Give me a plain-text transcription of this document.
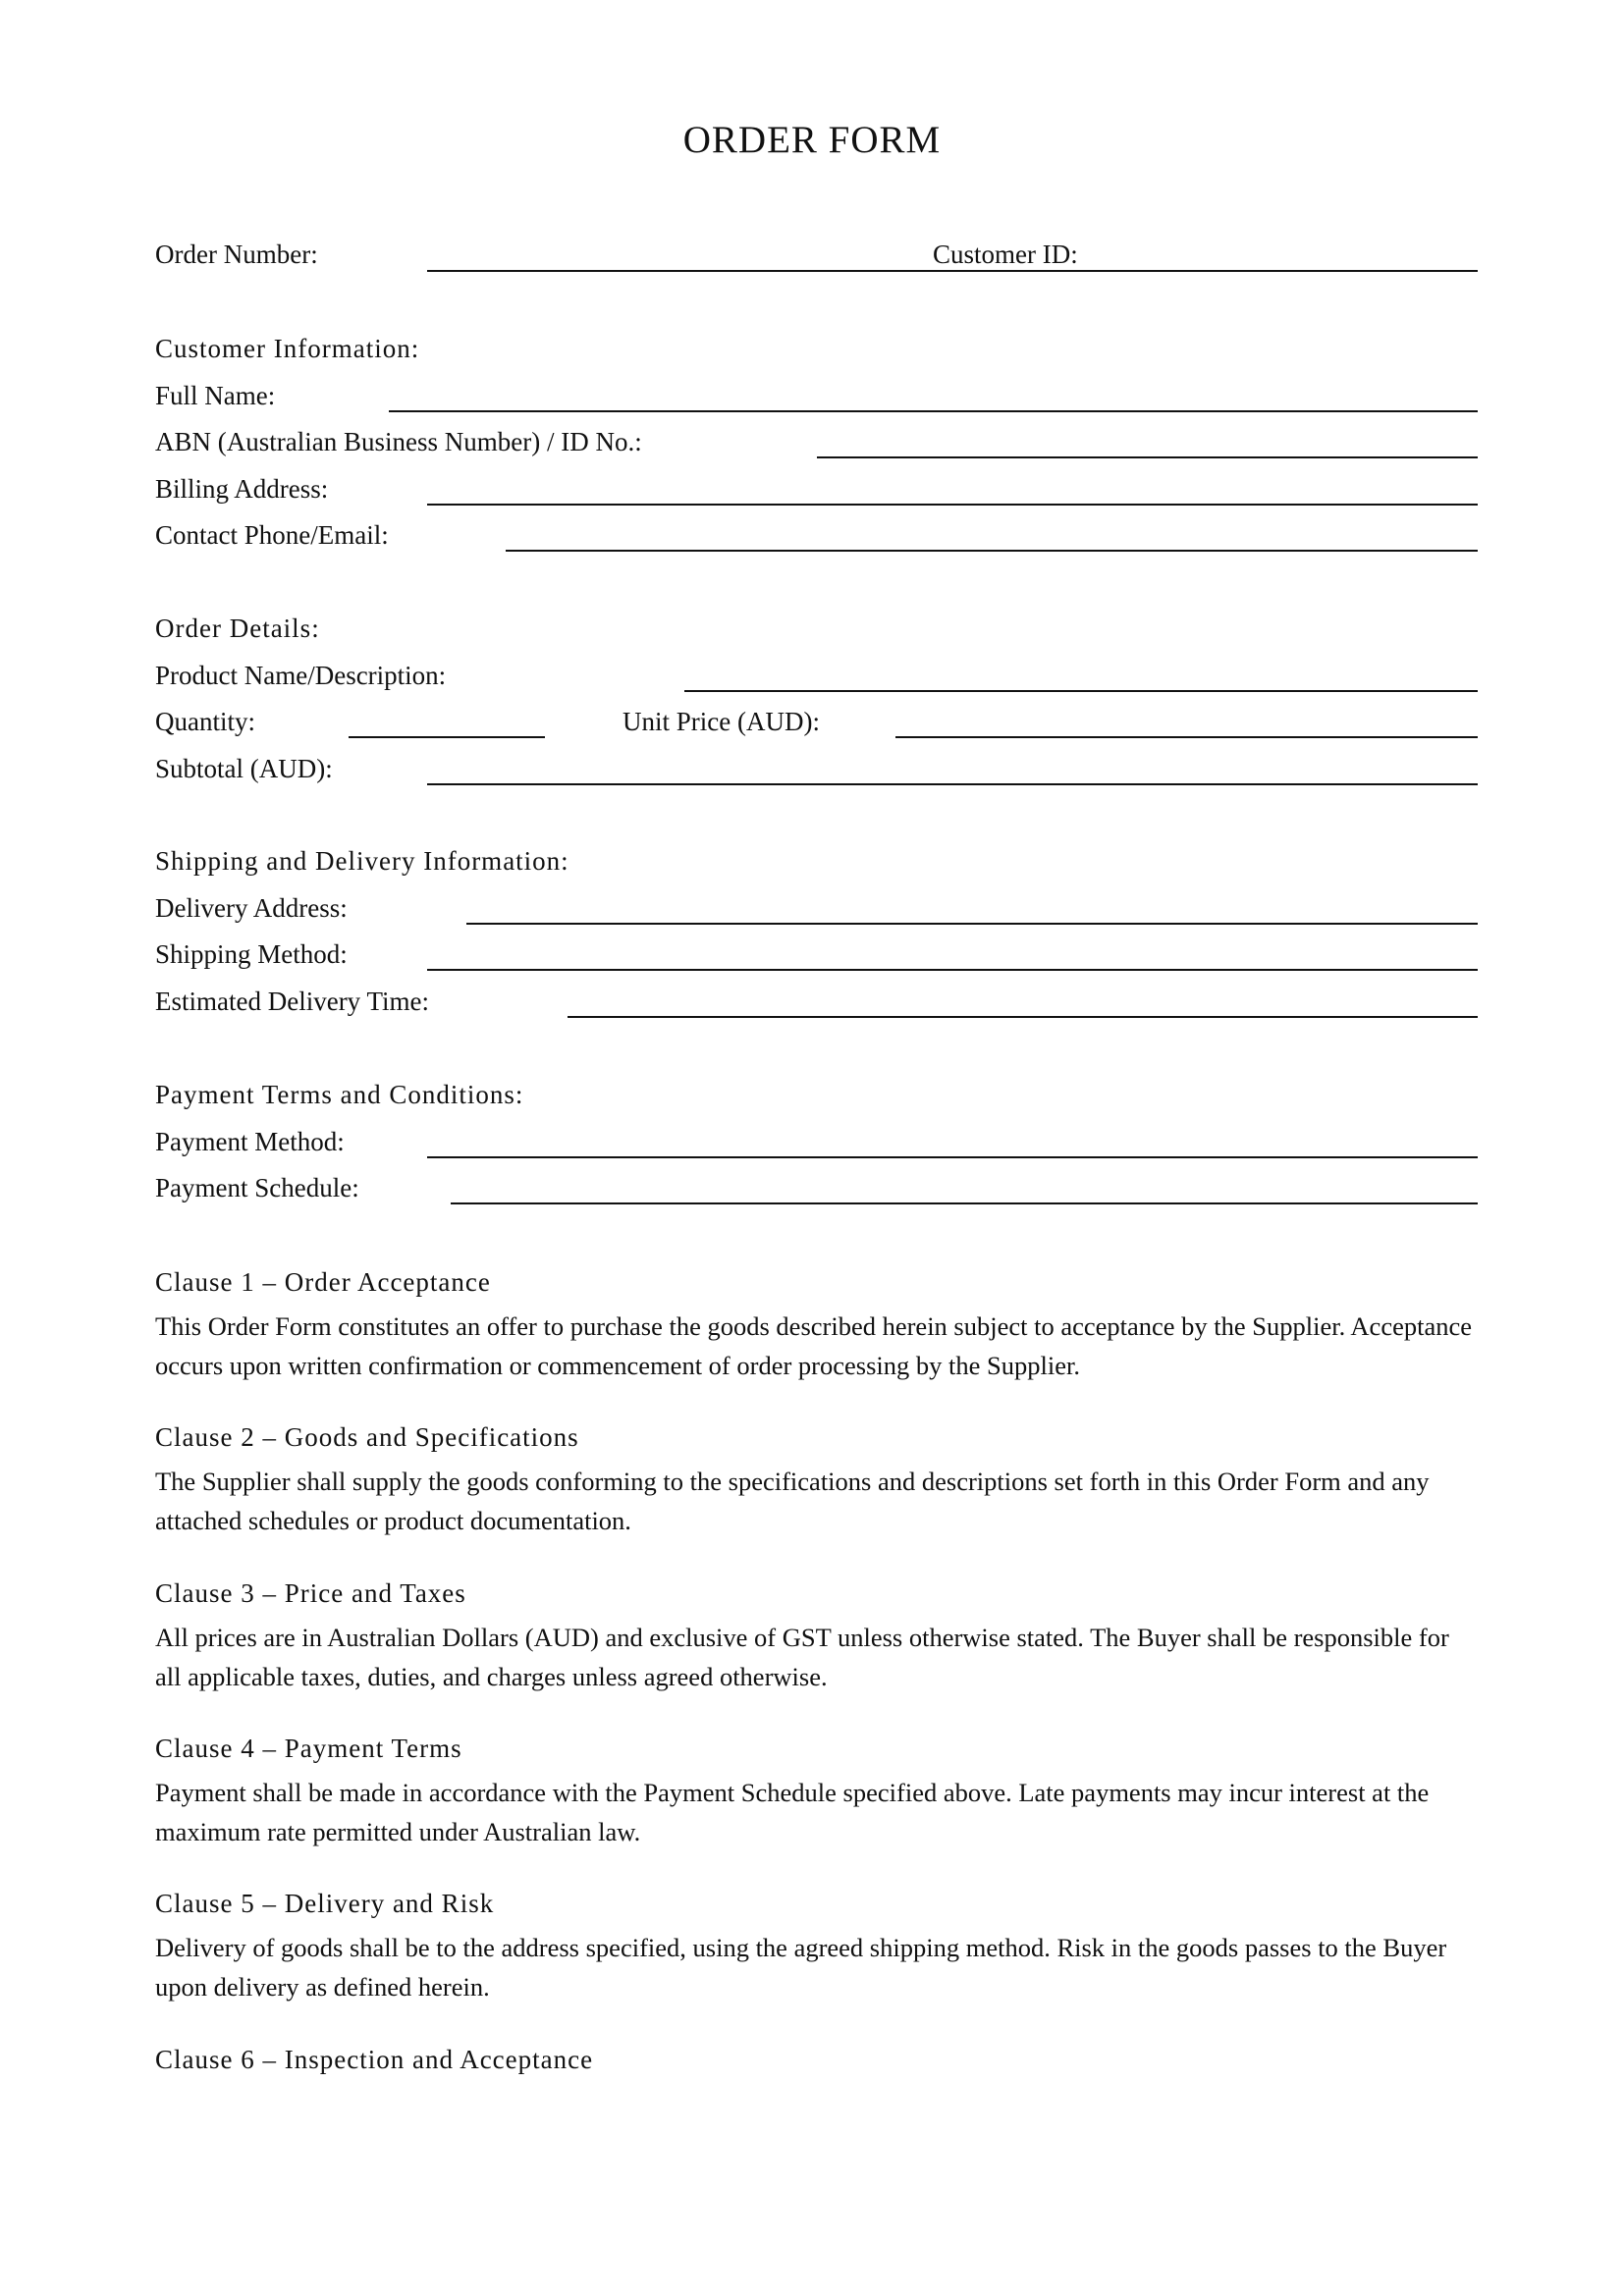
ORDER FORM
Order Number:	Customer ID:
Customer Information:
Full Name:
ABN (Australian Business Number) / ID No.:
Billing Address:
Contact Phone/Email:
Order Details:
Product Name/Description:
Quantity:	Unit Price (AUD):
Subtotal (AUD):
Shipping and Delivery Information:
Delivery Address:
Shipping Method:
Estimated Delivery Time:
Payment Terms and Conditions:
Payment Method:
Payment Schedule:
Clause 1 – Order Acceptance

This Order Form constitutes an offer to purchase the goods described herein subject to acceptance by the Supplier. Acceptance occurs upon written confirmation or commencement of order processing by the Supplier.

Clause 2 – Goods and Specifications

The Supplier shall supply the goods conforming to the specifications and descriptions set forth in this Order Form and any attached schedules or product documentation.

Clause 3 – Price and Taxes

All prices are in Australian Dollars (AUD) and exclusive of GST unless otherwise stated. The Buyer shall be responsible for all applicable taxes, duties, and charges unless agreed otherwise.

Clause 4 – Payment Terms

Payment shall be made in accordance with the Payment Schedule specified above. Late payments may incur interest at the maximum rate permitted under Australian law.

Clause 5 – Delivery and Risk

Delivery of goods shall be to the address specified, using the agreed shipping method. Risk in the goods passes to the Buyer upon delivery as defined herein.

Clause 6 – Inspection and Acceptance
